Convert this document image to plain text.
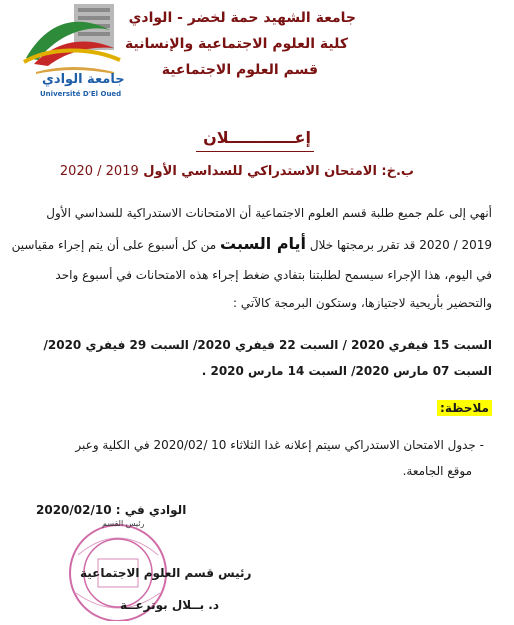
جامعة الوادي
Université D'El Oued
جامعة الشهيد حمة لخضر - الوادي
كلية العلوم الاجتماعية والإنسانية
قسم العلوم الاجتماعية
إعــــــــــــلان
ب.خ: الامتحان الاستدراكي للسداسي الأول 2019 / 2020
أنهي إلى علم جميع طلبة قسم العلوم الاجتماعية أن الامتحانات الاستدراكية للسداسي الأول
2019 / 2020 قد تقرر برمجتها خلال أيام السبت من كل أسبوع على أن يتم إجراء مقياسين
في اليوم، هذا الإجراء سيسمح لطلبتنا بتفادي ضغط إجراء هذه الامتحانات في أسبوع واحد
والتحضير بأريحية لاجتيازها، وستكون البرمجة كالآتي :
السبت 15 فيفري 2020 / السبت 22 فيفري 2020/ السبت 29 فيفري 2020/
السبت 07 مارس 2020/ السبت 14 مارس 2020 .
ملاحظة:
- جدول الامتحان الاستدراكي سيتم إعلانه غدا الثلاثاء 10 /2020/02 في الكلية وعبر
موقع الجامعة.
الوادي في : 2020/02/10
رئيس القسم
رئيس قسم العلوم الاجتماعية
د. بــلال بوترعــة
